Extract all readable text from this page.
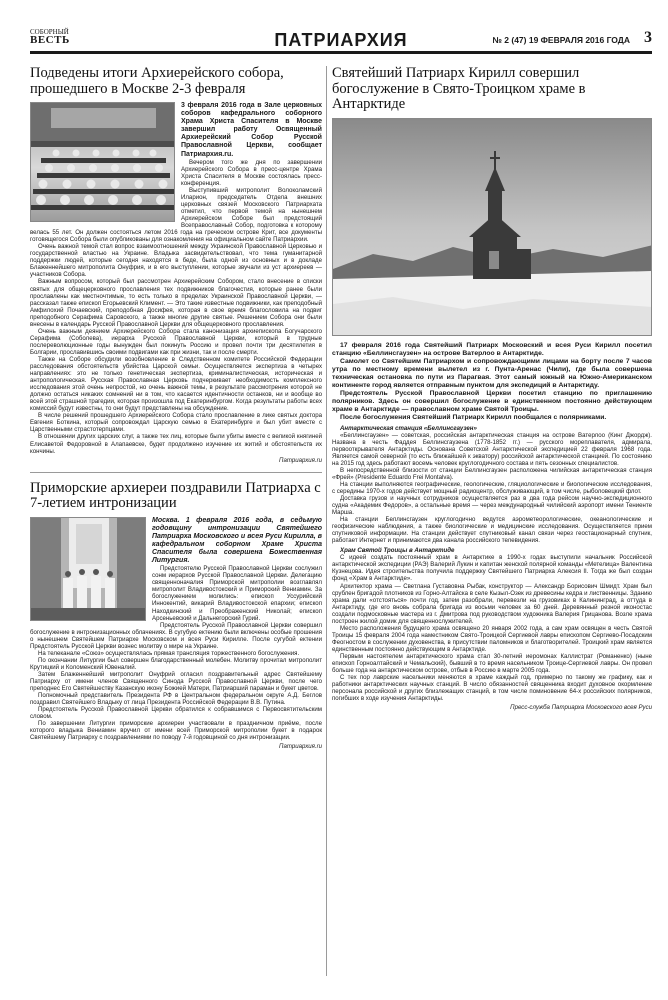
СОБОРНЫЙ
ВЕСТЬ	ПАТРИАРХИЯ	№ 2 (47) 19 ФЕВРАЛЯ 2016 ГОДА 3
Подведены итоги Архиерейского собора, прошедшего в Москве 2-3 февраля

3 февраля 2016 года в Зале церковных соборов кафедрального соборного Храма Христа Спасителя в Москве завершил работу Освященный Архиерейский Собор Русской Православной Церкви, сообщает Патриархия.ru.

Вечером того же дня по завершении Архиерейского Собора в пресс-центре Храма Христа Спасителя в Москве состоялась пресс-конференция.

Выступивший митрополит Волоколамский Иларион, председатель Отдела внешних церковных связей Московского Патриархата отметил, что первой темой на нынешнем Архиерейском Соборе был предстоящий Всеправославный Собор, подготовка к которому велась 55 лет. Он должен состояться летом 2016 года на греческом острове Крит, все документы готовящегося Собора были опубликованы для ознакомления на официальном сайте Патриархии.

Очень важной темой стал вопрос взаимоотношений между Украинской Православной Церковью и государственной властью на Украине. Владыка засвидетельствовал, что тема гуманитарной поддержки людей, которые сегодня находятся в беде, была одной из основных и в докладе Блаженнейшего митрополита Онуфрия, и в его выступлении, которые звучали из уст архиереев — участников Собора.

Важным вопросом, который был рассмотрен Архиерейским Собором, стало внесение в списки святых для общецерковного прославления тех подвижников благочестия, которые ранее были прославлены как местночтимые, то есть только в пределах Украинской Православной Церкви, — рассказал также епископ Егорьевский Климент. — Это такие известные подвижники, как преподобный Амфилохий Почаевский, преподобная Досифея, которая в свое время благословила на подвиг преподобного Серафима Саровского, а также многие другие святые. Решением Собора они были внесены в календарь Русской Православной Церкви для общецерковного прославления.

Очень важным деянием Архиерейского Собора стала канонизация архиепископа Богучарского Серафима (Соболева), иерарха Русской Православной Церкви, который в трудные послереволюционные годы вынужден был покинуть Россию и провел почти три десятилетия в Болгарии, прославившись своими подвигами как при жизни, так и после смерти.

Также на Соборе обсудили возобновление в Следственном комитете Российской Федерации расследования обстоятельств убийства Царской семьи. Осуществляется экспертиза в четырех направлениях: это не только генетическая экспертиза, криминалистическая, историческая и антропологическая. Русская Православная Церковь подчеркивает необходимость комплексного исследования этой очень непростой, но очень важной темы, в результате рассмотрения которой не должно остаться никаких сомнений ни в том, что касается идентичности останков, ни и вообще во всей этой страшной трагедии, которая произошла под Екатеринбургом. Когда результаты работы всех комиссий будут известны, то они будут представлены на обсуждение.

В числе решений прошедшего Архиерейского Собора стало прославление в лике святых доктора Евгения Боткина, который сопровождал Царскую семью в Екатеринбурге и был убит вместе с Царственными страстотерпцами.

В отношении других царских слуг, а также тех лиц, которые были убиты вместе с великой княгиней Елисаветой Федоровной в Алапаевске, будет продолжено изучение их житий и обстоятельств их кончины.

Патриархия.ru
Приморские архиереи поздравили Патриарха с 7-летием интронизации

Москва. 1 февраля 2016 года, в седьмую годовщину интронизации Святейшего Патриарха Московского и всея Руси Кирилла, в кафедральном соборном Храме Христа Спасителя была совершена Божественная Литургия.

Предстоятелю Русской Православной Церкви сослужил сонм иерархов Русской Православной Церкви. Делегацию священноначалия Приморской митрополии возглавлял митрополит Владивостокский и Приморский Вениамин. За богослужением молились: епископ Уссурийский Иннокентий, викарий Владивостокской епархии; епископ Находкинский и Преображенский Николай; епископ Арсеньевский и Дальнегорский Гурий.

Предстоятель Русской Православной Церкви совершил богослужение в интронизационных облачениях. В сугубую ектению были включены особые прошения о нынешнем Святейшем Патриархе Московском и всея Руси Кирилле. После сугубой ектении Предстоятель Русской Церкви вознес молитву о мире на Украине.

На телеканале «Союз» осуществлялась прямая трансляция торжественного богослужения.

По окончании Литургии был совершен благодарственный молебен. Молитву прочитал митрополит Крутицкий и Коломенский Ювеналий.

Затем Блаженнейший митрополит Онуфрий огласил поздравительный адрес Святейшему Патриарху от имени членов Священного Синода Русской Православной Церкви, после чего преподнес Его Святейшеству Казанскую икону Божией Матери, Патриарший параман и букет цветов.

Полномочный представитель Президента РФ в Центральном федеральном округе А.Д. Беглов поздравил Святейшего Владыку от лица Президента Российской Федерации В.В. Путина.

Предстоятель Русской Православной Церкви обратился к собравшимся с Первосвятительским словом.

По завершении Литургии приморские архиереи участвовали в праздничном приёме, после которого владыка Вениамин вручил от имени всей Приморской митрополии букет в подарок Святейшему Патриарху с поздравлениями по поводу 7-й годовщиной со дня интронизации.

Патриархия.ru
Святейший Патриарх Кирилл совершил богослужение в Свято-Троицком храме в Антарктиде

17 февраля 2016 года Святейший Патриарх Московский и всея Руси Кирилл посетил станцию «Беллинсгаузен» на острове Ватерлоо в Антарктиде.

Самолет со Святейшим Патриархом и сопровождающими лицами на борту после 7 часов утра по местному времени вылетел из г. Пунта-Аренас (Чили), где была совершена техническая остановка по пути из Парагвая. Этот самый южный на Южно-Американском континенте город является отправным пунктом для экспедиций в Антарктиду.

Предстоятель Русской Православной Церкви посетил станцию по приглашению полярников. Здесь он совершил богослужение в единственном постоянно действующем храме в Антарктиде — православном храме Святой Троицы.

После богослужения Святейший Патриарх Кирилл пообщался с полярниками.

Антарктическая станция «Беллинсгаузен»

«Беллинсгаузен» — советская, российская антарктическая станция на острове Ватерлоо (Кинг Джордж). Названа в честь Фаддея Беллинсгаузена (1778-1852 гг.) — русского мореплавателя, адмирала, первооткрывателя Антарктиды. Основана Советской Антарктической экспедицией 22 февраля 1968 года. Является самой северной (то есть ближайшей к экватору) российской антарктической станцией. По состоянию на 2015 год здесь работают восемь человек круглогодичного состава и пять сезонных специалистов.

В непосредственной близости от станции Беллинсгаузен расположена чилийская антарктическая станция «Фрей» (Presidente Eduardo Frei Montalva).

На станции выполняются географические, геологические, гляциологические и биологические исследования, с середины 1970-х годов действует мощный радиоцентр, обслуживающий, в том числе, рыболовецкий флот.

Доставка грузов и научных сотрудников осуществляется раз в два года рейсом научно-экспедиционного судна «Академик Федоров», а остальные время — через международный чилийский аэропорт имени Тениенте Марша.

На станции Беллинсгаузен круглогодично ведутся аэрометеорологические, океанологические и геофизические наблюдения, а также биологические и медицинские исследования. Осуществляется прием спутниковой информации. На станции действует спутниковый канал связи через геостационарный спутник, работает Интернет и принимаются два канала российского телевидения.

Храм Святой Троицы в Антарктиде

С идеей создать постоянный храм в Антарктике в 1990-х годах выступили начальник Российской антарктической экспедиции (РАЭ) Валерий Лукин и капитан женской полярной команды «Метелица» Валентина Кузнецова. Идея строительства получила поддержку Святейшего Патриарха Алексия II. Тогда же был создан фонд «Храм в Антарктиде».

Архитектор храма — Светлана Густавовна Рыбак, конструктор — Александр Борисович Шмидт. Храм был срублен бригадой плотников из Горно-Алтайска в селе Кызыл-Озек из древесины кедра и лиственницы. Зданию храма дали «отстояться» почти год, затем разобрали, перевезли на грузовиках в Калининград, а оттуда в Антарктиду, где его вновь собрала бригада из восьми человек за 60 дней. Деревянный резной иконостас создали подмосковные мастера из г. Дмитрова под руководством художника Валерия Грицанова. Возле храма построен жилой домик для священнослужителей.

Место расположения будущего храма освящено 20 января 2002 года, а сам храм освящен в честь Святой Троицы 15 февраля 2004 года наместником Свято-Троицкой Сергиевой лавры епископом Сергиево-Посадским Феогностом в сослужении духовенства, в присутствии паломников и благотворителей. Троицкий храм является единственным постоянно действующим в Антарктиде.

Первым настоятелем антарктического храма стал 30-летний иеромонах Каллистрат (Романенко) (ныне епископ Горноалтайский и Чемальский), бывший в то время насельником Троице-Сергиевой лавры. Он провел больше года на антарктическом острове, отбыв в Россию в марте 2005 года.

С тех пор лаврские насельники меняются в храме каждый год, примерно по такому же графику, как и работники антарктических научных станций. В число обязанностей священника входит духовное окормление персонала российской и других близлежащих станций, в том числе поминовение 64-х российских полярников, погибших в ходе изучения Антарктиды.

Пресс-служба Патриарха Московского всея Руси
